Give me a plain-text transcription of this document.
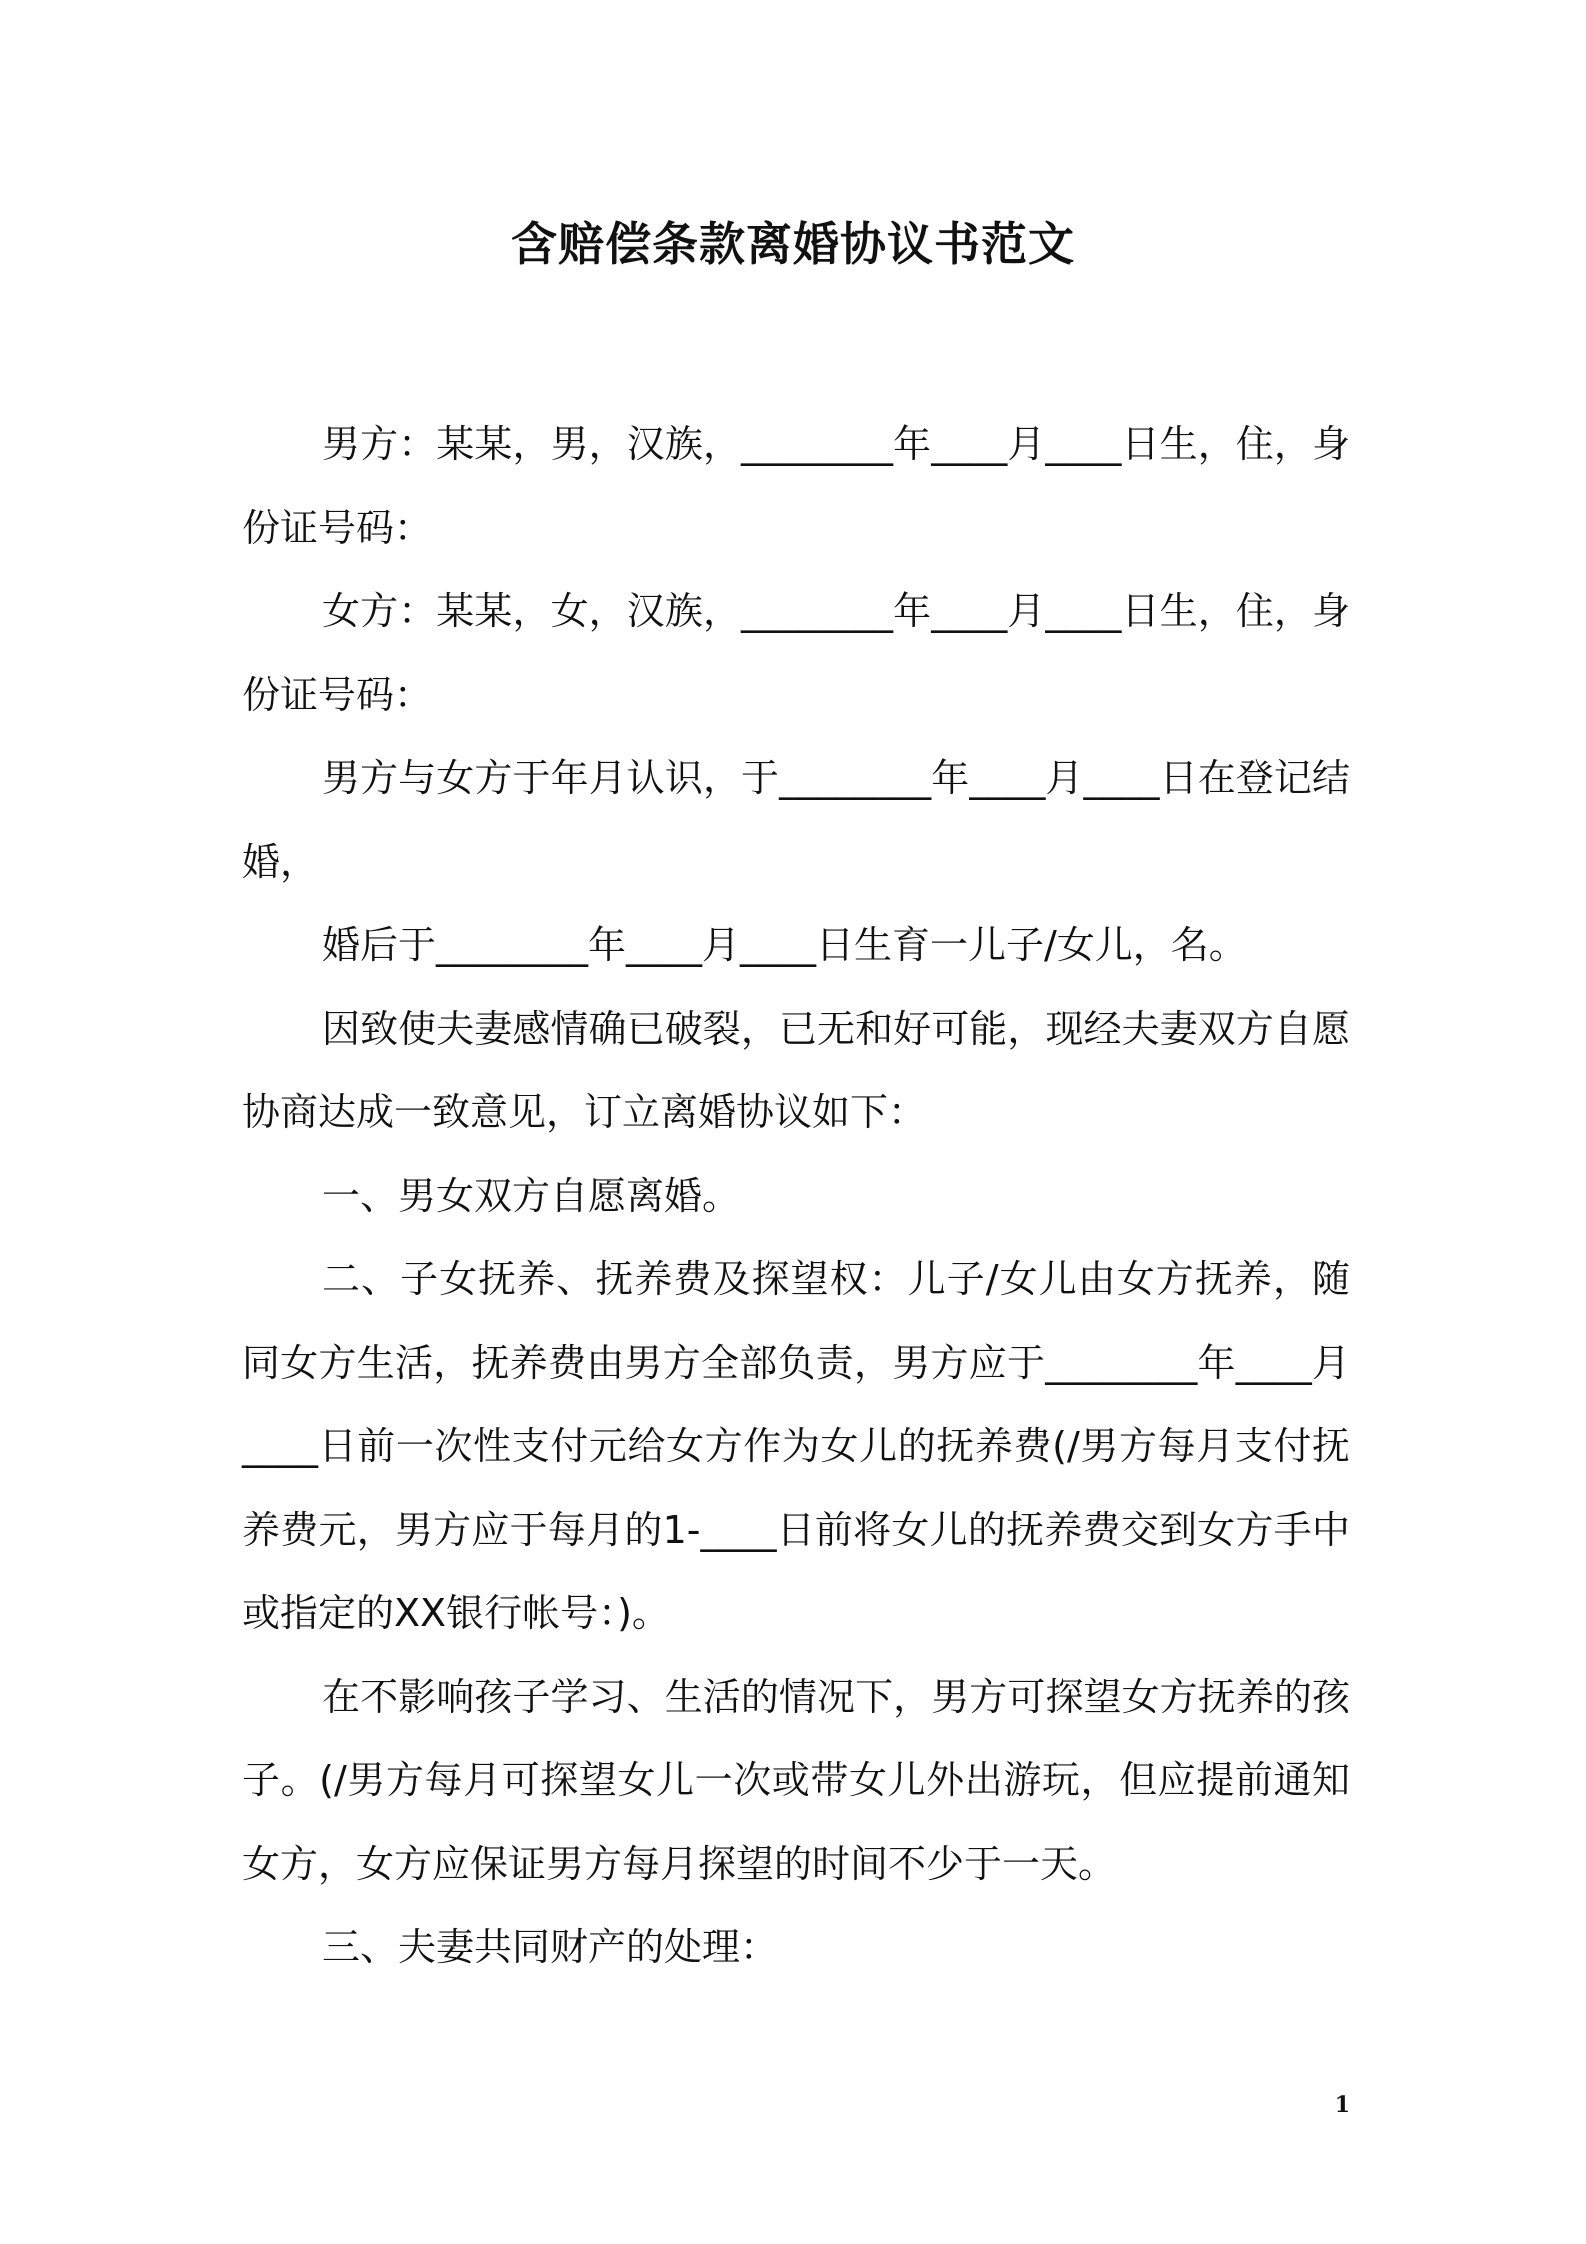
含赔偿条款离婚协议书范文

男方：某某，男，汉族，________年____月____日生，住，身份证号码：

女方：某某，女，汉族，________年____月____日生，住，身份证号码：

男方与女方于年月认识，于________年____月____日在登记结婚，

婚后于________年____月____日生育一儿子/女儿，名。

因致使夫妻感情确已破裂，已无和好可能，现经夫妻双方自愿协商达成一致意见，订立离婚协议如下：

一、男女双方自愿离婚。

二、子女抚养、抚养费及探望权：儿子/女儿由女方抚养，随同女方生活，抚养费由男方全部负责，男方应于________年____月____日前一次性支付元给女方作为女儿的抚养费(/男方每月支付抚养费元，男方应于每月的1-____日前将女儿的抚养费交到女方手中或指定的XX银行帐号：)。

在不影响孩子学习、生活的情况下，男方可探望女方抚养的孩子。(/男方每月可探望女儿一次或带女儿外出游玩，但应提前通知女方，女方应保证男方每月探望的时间不少于一天。

三、夫妻共同财产的处理：

1
